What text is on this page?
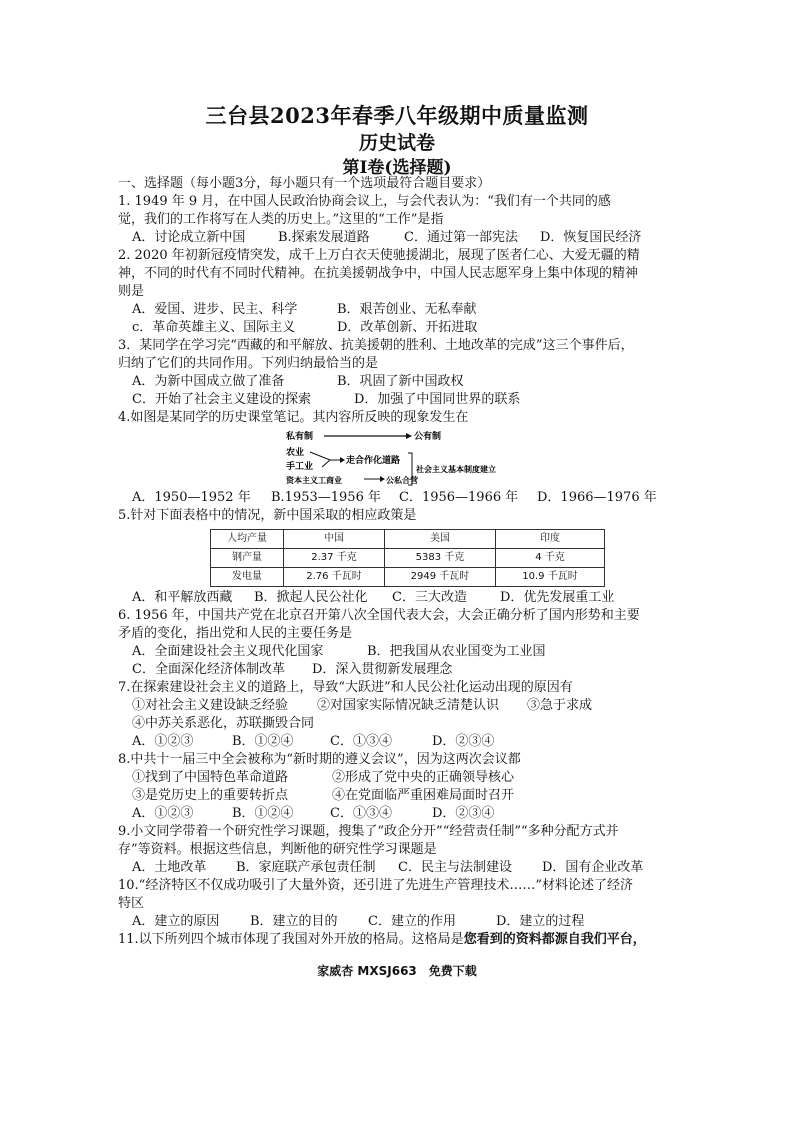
三台县2023年春季八年级期中质量监测
历史试卷
第Ⅰ卷(选择题)

一、选择题（每小题3分，每小题只有一个选项最符合题目要求）

1. 1949 年 9 月，在中国人民政治协商会议上，与会代表认为：“我们有一个共同的感

觉，我们的工作将写在人类的历史上。”这里的“工作”是指

A．讨论成立新中国	B.探索发展道路	C．通过第一部宪法 D．恢复国民经济

2. 2020 年初新冠疫情突发，成千上万白衣天使驰援湖北，展现了医者仁心、大爱无疆的精

神，不同的时代有不同时代精神。在抗美援朝战争中，中国人民志愿军身上集中体现的精神

则是

A．爱国、进步、民主、科学	B．艰苦创业、无私奉献

c．革命英雄主义、国际主义	D．改革创新、开拓进取

3．某同学在学习完“西藏的和平解放、抗美援朝的胜利、土地改革的完成”这三个事件后，

归纳了它们的共同作用。下列归纳最恰当的是

A．为新中国成立做了准备	B．巩固了新中国政权

C．开始了社会主义建设的探索	D．加强了中国同世界的联系

4.如图是某同学的历史课堂笔记。其内容所反映的现象发生在

私有制	公有制
农业
手工业
资本主义工商业
走合作化道路
公私合营
社会主义基本制度建立

A．1950—1952 年 B.1953—1956 年 C．1956—1966 年 D．1966—1976 年

5.针对下面表格中的情况，新中国采取的相应政策是

人均产量	中国	美国	印度
钢产量	2.37 千克	5383 千克	4 千克
发电量	2.76 千瓦时	2949 千瓦时	10.9 千瓦时

A．和平解放西藏 B．掀起人民公社化 C．三大改造	D．优先发展重工业

6. 1956 年，中国共产党在北京召开第八次全国代表大会，大会正确分析了国内形势和主要

矛盾的变化，指出党和人民的主要任务是

A．全面建设社会主义现代化国家	B．把我国从农业国变为工业国

C．全面深化经济体制改革 D．深入贯彻新发展理念

7.在探索建设社会主义的道路上，导致“大跃进”和人民公社化运动出现的原因有

①对社会主义建设缺乏经验 ②对国家实际情况缺乏清楚认识 ③急于求成

④中苏关系恶化，苏联撕毁合同

A．①②③	B．①②④	C．①③④	D．②③④

8.中共十一届三中全会被称为“新时期的遵义会议”，因为这两次会议都

①找到了中国特色革命道路	②形成了党中央的正确领导核心

③是党历史上的重要转折点	④在党面临严重困难局面时召开

A．①②③	B．①②④	C．①③④	D．②③④

9.小文同学带着一个研究性学习课题，搜集了“政企分开”“经营责任制”“多种分配方式并

存”等资料。根据这些信息，判断他的研究性学习课题是

A．土地改革 B．家庭联产承包责任制 C．民主与法制建设 D．国有企业改革

10.“经济特区不仅成功吸引了大量外资，还引进了先进生产管理技术……”材料论述了经济

特区

A．建立的原因 B．建立的目的 C．建立的作用	D．建立的过程

11.以下所列四个城市体现了我国对外开放的格局。这格局是您看到的资料都源自我们平台，

家威杏 MXSJ663　免费下载
